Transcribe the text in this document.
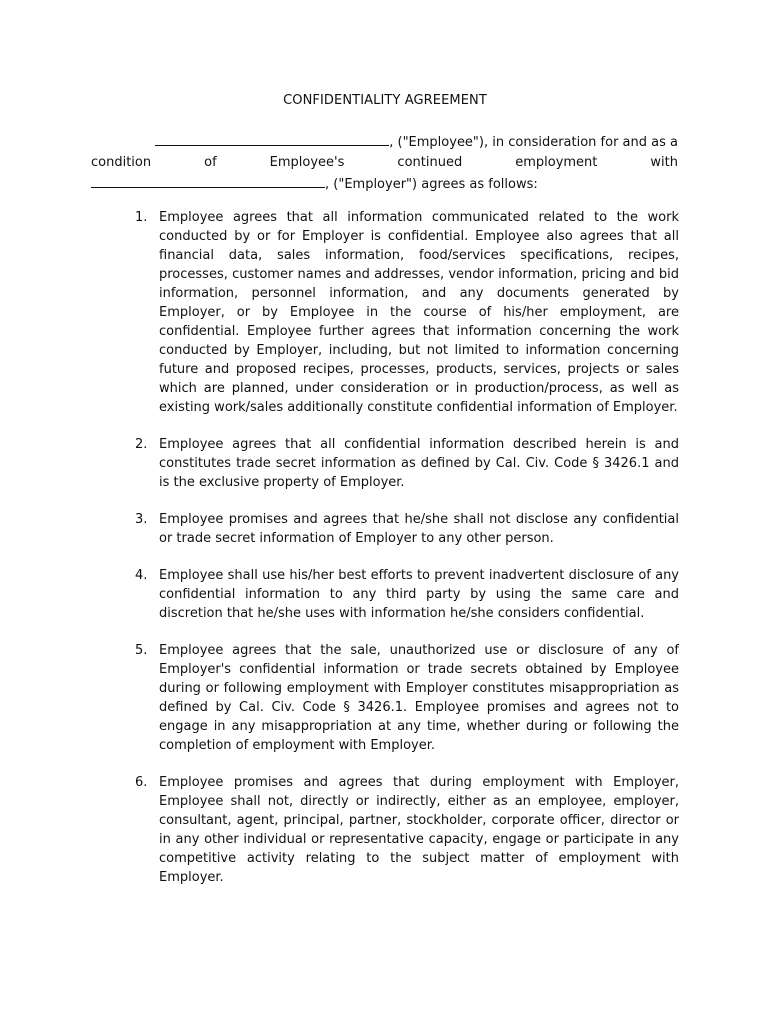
CONFIDENTIALITY AGREEMENT
, ("Employee"), in consideration for and as a
condition	of	Employee's	continued	employment	with
, ("Employer") agrees as follows:
1. Employee agrees that all information communicated related to the work conducted by or for Employer is confidential. Employee also agrees that all financial data, sales information, food/services specifications, recipes, processes, customer names and addresses, vendor information, pricing and bid information, personnel information, and any documents generated by Employer, or by Employee in the course of his/her employment, are confidential. Employee further agrees that information concerning the work conducted by Employer, including, but not limited to information concerning future and proposed recipes, processes, products, services, projects or sales which are planned, under consideration or in production/process, as well as existing work/sales additionally constitute confidential information of Employer.
2. Employee agrees that all confidential information described herein is and constitutes trade secret information as defined by Cal. Civ. Code § 3426.1 and is the exclusive property of Employer.
3. Employee promises and agrees that he/she shall not disclose any confidential or trade secret information of Employer to any other person.
4. Employee shall use his/her best efforts to prevent inadvertent disclosure of any confidential information to any third party by using the same care and discretion that he/she uses with information he/she considers confidential.
5. Employee agrees that the sale, unauthorized use or disclosure of any of Employer's confidential information or trade secrets obtained by Employee during or following employment with Employer constitutes misappropriation as defined by Cal. Civ. Code § 3426.1. Employee promises and agrees not to engage in any misappropriation at any time, whether during or following the completion of employment with Employer.
6. Employee promises and agrees that during employment with Employer, Employee shall not, directly or indirectly, either as an employee, employer, consultant, agent, principal, partner, stockholder, corporate officer, director or in any other individual or representative capacity, engage or participate in any competitive activity relating to the subject matter of employment with Employer.
